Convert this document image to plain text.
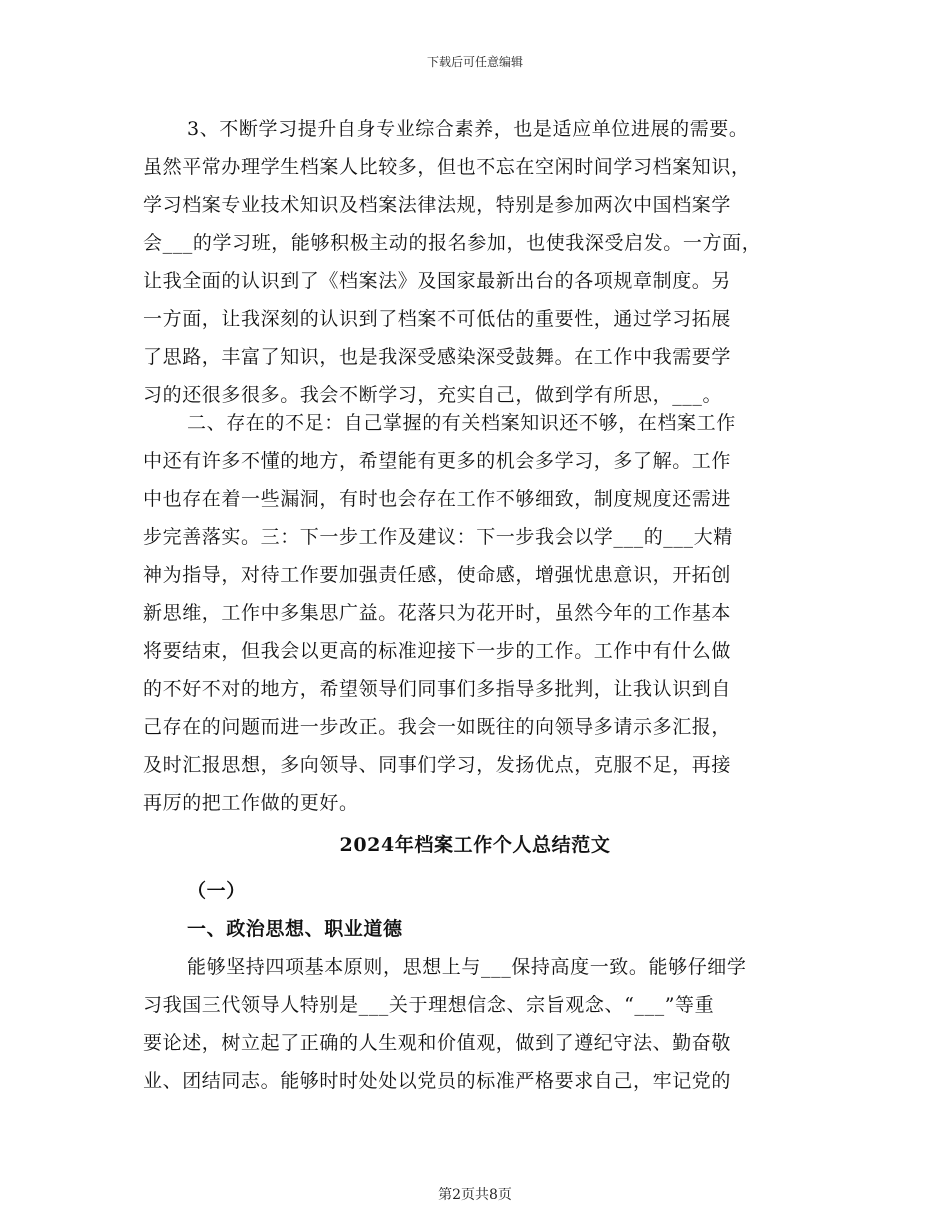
下载后可任意编辑
3、不断学习提升自身专业综合素养，也是适应单位进展的需要。
虽然平常办理学生档案人比较多，但也不忘在空闲时间学习档案知识，
学习档案专业技术知识及档案法律法规，特别是参加两次中国档案学
会___的学习班，能够积极主动的报名参加，也使我深受启发。一方面，
让我全面的认识到了《档案法》及国家最新出台的各项规章制度。另
一方面，让我深刻的认识到了档案不可低估的重要性，通过学习拓展
了思路，丰富了知识，也是我深受感染深受鼓舞。在工作中我需要学
习的还很多很多。我会不断学习，充实自己，做到学有所思，___。
二、存在的不足：自己掌握的有关档案知识还不够，在档案工作
中还有许多不懂的地方，希望能有更多的机会多学习，多了解。工作
中也存在着一些漏洞，有时也会存在工作不够细致，制度规度还需进
步完善落实。三：下一步工作及建议：下一步我会以学___的___大精
神为指导，对待工作要加强责任感，使命感，增强忧患意识，开拓创
新思维，工作中多集思广益。花落只为花开时，虽然今年的工作基本
将要结束，但我会以更高的标准迎接下一步的工作。工作中有什么做
的不好不对的地方，希望领导们同事们多指导多批判，让我认识到自
己存在的问题而进一步改正。我会一如既往的向领导多请示多汇报，
及时汇报思想，多向领导、同事们学习，发扬优点，克服不足，再接
再厉的把工作做的更好。
2024年档案工作个人总结范文
（一）
一、政治思想、职业道德
能够坚持四项基本原则，思想上与___保持高度一致。能够仔细学
习我国三代领导人特别是___关于理想信念、宗旨观念、“___”等重
要论述，树立起了正确的人生观和价值观，做到了遵纪守法、勤奋敬
业、团结同志。能够时时处处以党员的标准严格要求自己，牢记党的
第2页共8页
